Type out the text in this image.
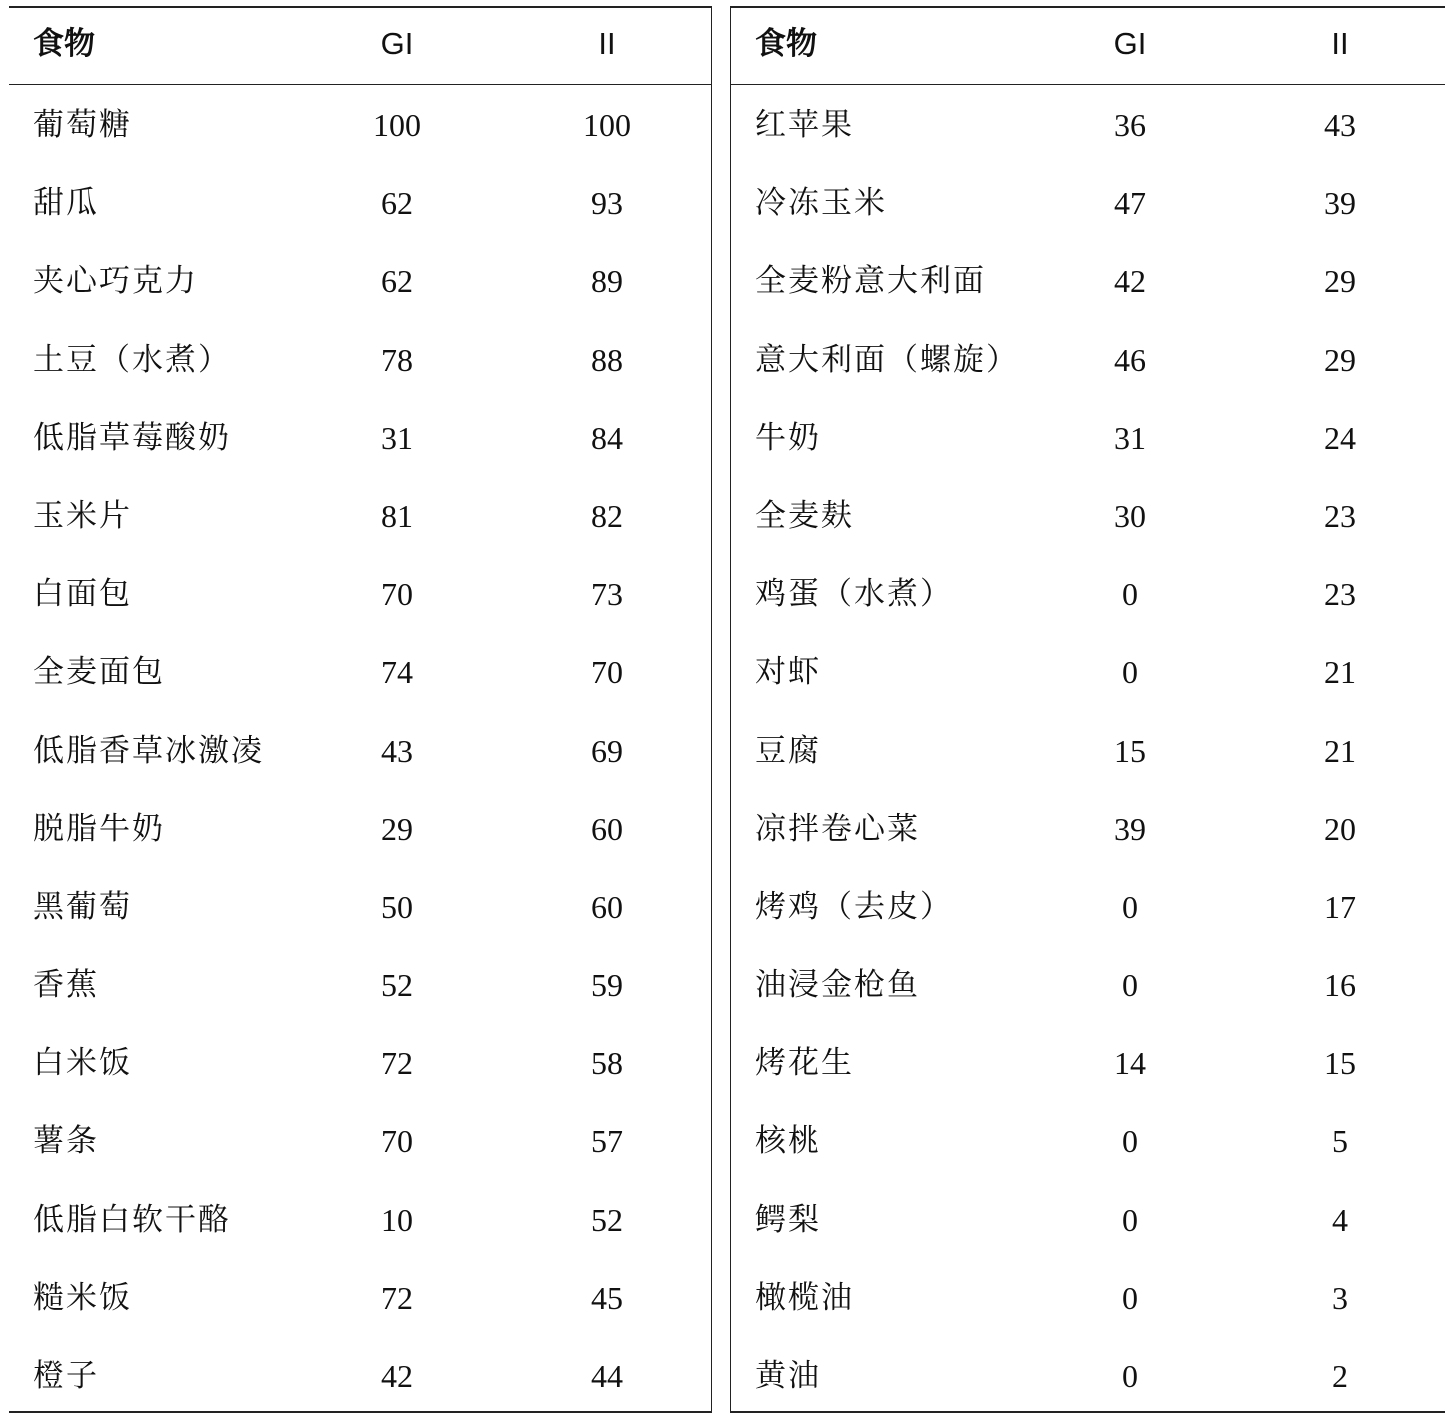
食物	GI	II
葡萄糖	100	100
甜瓜	62	93
夹心巧克力	62	89
土豆（水煮）	78	88
低脂草莓酸奶	31	84
玉米片	81	82
白面包	70	73
全麦面包	74	70
低脂香草冰激凌	43	69
脱脂牛奶	29	60
黑葡萄	50	60
香蕉	52	59
白米饭	72	58
薯条	70	57
低脂白软干酪	10	52
糙米饭	72	45
橙子	42	44
食物	GI	II
红苹果	36	43
冷冻玉米	47	39
全麦粉意大利面	42	29
意大利面（螺旋）	46	29
牛奶	31	24
全麦麸	30	23
鸡蛋（水煮）	0	23
对虾	0	21
豆腐	15	21
凉拌卷心菜	39	20
烤鸡（去皮）	0	17
油浸金枪鱼	0	16
烤花生	14	15
核桃	0	5
鳄梨	0	4
橄榄油	0	3
黄油	0	2
